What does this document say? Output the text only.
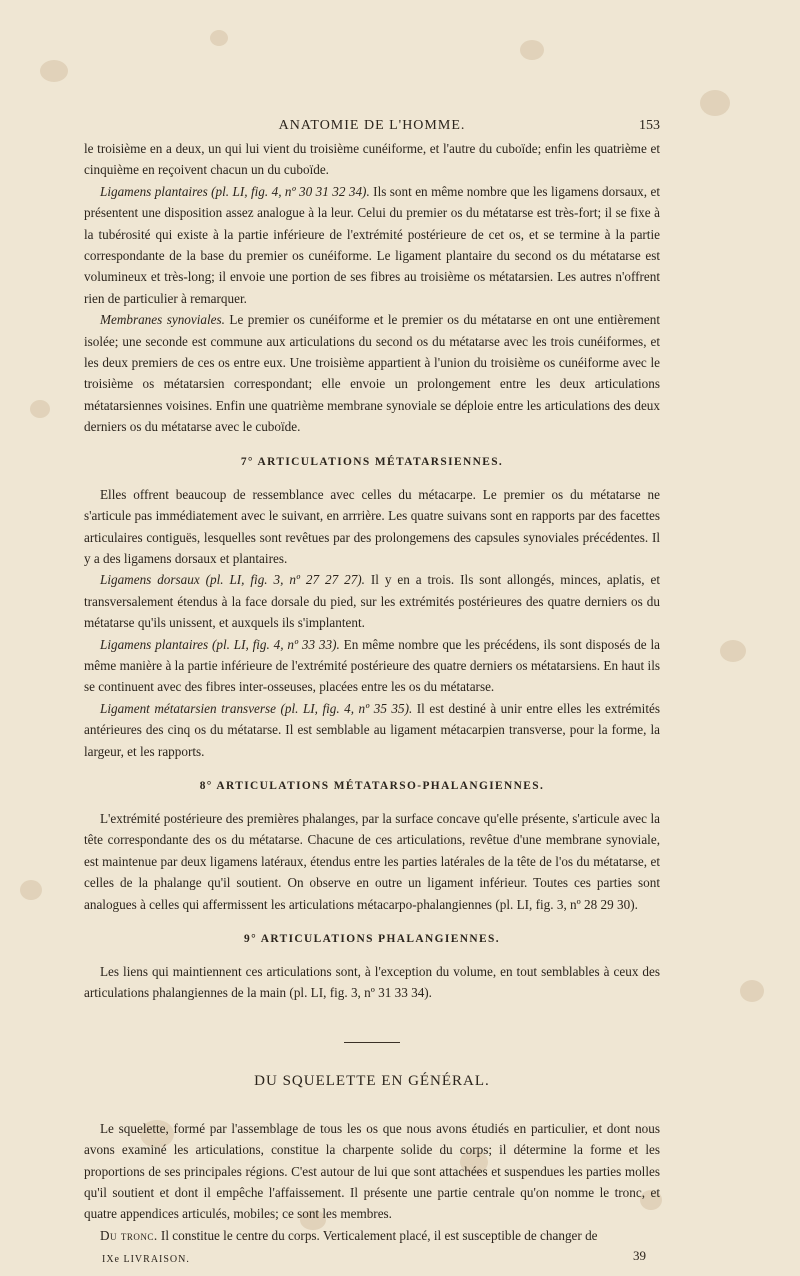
ANATOMIE DE L'HOMME.	153

le troisième en a deux, un qui lui vient du troisième cunéiforme, et l'autre du cuboïde; enfin les quatrième et cinquième en reçoivent chacun un du cuboïde.

Ligamens plantaires (pl. LI, fig. 4, nº 30 31 32 34). Ils sont en même nombre que les ligamens dorsaux, et présentent une disposition assez analogue à la leur. Celui du premier os du métatarse est très-fort; il se fixe à la tubérosité qui existe à la partie inférieure de l'extrémité postérieure de cet os, et se termine à la partie correspondante de la base du premier os cunéiforme. Le ligament plantaire du second os du métatarse est volumineux et très-long; il envoie une portion de ses fibres au troisième os métatarsien. Les autres n'offrent rien de particulier à remarquer.

Membranes synoviales. Le premier os cunéiforme et le premier os du métatarse en ont une entièrement isolée; une seconde est commune aux articulations du second os du métatarse avec les trois cunéiformes, et les deux premiers de ces os entre eux. Une troisième appartient à l'union du troisième os cunéiforme avec le troisième os métatarsien correspondant; elle envoie un prolongement entre les deux articulations métatarsiennes voisines. Enfin une quatrième membrane synoviale se déploie entre les articulations des deux derniers os du métatarse avec le cuboïde.

7° ARTICULATIONS MÉTATARSIENNES.

Elles offrent beaucoup de ressemblance avec celles du métacarpe. Le premier os du métatarse ne s'articule pas immédiatement avec le suivant, en arrrière. Les quatre suivans sont en rapports par des facettes articulaires contiguës, lesquelles sont revêtues par des prolongemens des capsules synoviales précédentes. Il y a des ligamens dorsaux et plantaires.

Ligamens dorsaux (pl. LI, fig. 3, nº 27 27 27). Il y en a trois. Ils sont allongés, minces, aplatis, et transversalement étendus à la face dorsale du pied, sur les extrémités postérieures des quatre derniers os du métatarse qu'ils unissent, et auxquels ils s'implantent.

Ligamens plantaires (pl. LI, fig. 4, nº 33 33). En même nombre que les précédens, ils sont disposés de la même manière à la partie inférieure de l'extrémité postérieure des quatre derniers os métatarsiens. En haut ils se continuent avec des fibres inter-osseuses, placées entre les os du métatarse.

Ligament métatarsien transverse (pl. LI, fig. 4, nº 35 35). Il est destiné à unir entre elles les extrémités antérieures des cinq os du métatarse. Il est semblable au ligament métacarpien transverse, pour la forme, la largeur, et les rapports.

8° ARTICULATIONS MÉTATARSO-PHALANGIENNES.

L'extrémité postérieure des premières phalanges, par la surface concave qu'elle présente, s'articule avec la tête correspondante des os du métatarse. Chacune de ces articulations, revêtue d'une membrane synoviale, est maintenue par deux ligamens latéraux, étendus entre les parties latérales de la tête de l'os du métatarse, et celles de la phalange qu'il soutient. On observe en outre un ligament inférieur. Toutes ces parties sont analogues à celles qui affermissent les articulations métacarpo-phalangiennes (pl. LI, fig. 3, nº 28 29 30).

9° ARTICULATIONS PHALANGIENNES.

Les liens qui maintiennent ces articulations sont, à l'exception du volume, en tout semblables à ceux des articulations phalangiennes de la main (pl. LI, fig. 3, nº 31 33 34).

DU SQUELETTE EN GÉNÉRAL.

Le squelette, formé par l'assemblage de tous les os que nous avons étudiés en particulier, et dont nous avons examiné les articulations, constitue la charpente solide du corps; il détermine la forme et les proportions de ses principales régions. C'est autour de lui que sont attachées et suspendues les parties molles qu'il soutient et dont il empêche l'affaissement. Il présente une partie centrale qu'on nomme le tronc, et quatre appendices articulés, mobiles; ce sont les membres.

Du tronc. Il constitue le centre du corps. Verticalement placé, il est susceptible de changer de

IXe LIVRAISON.	39
